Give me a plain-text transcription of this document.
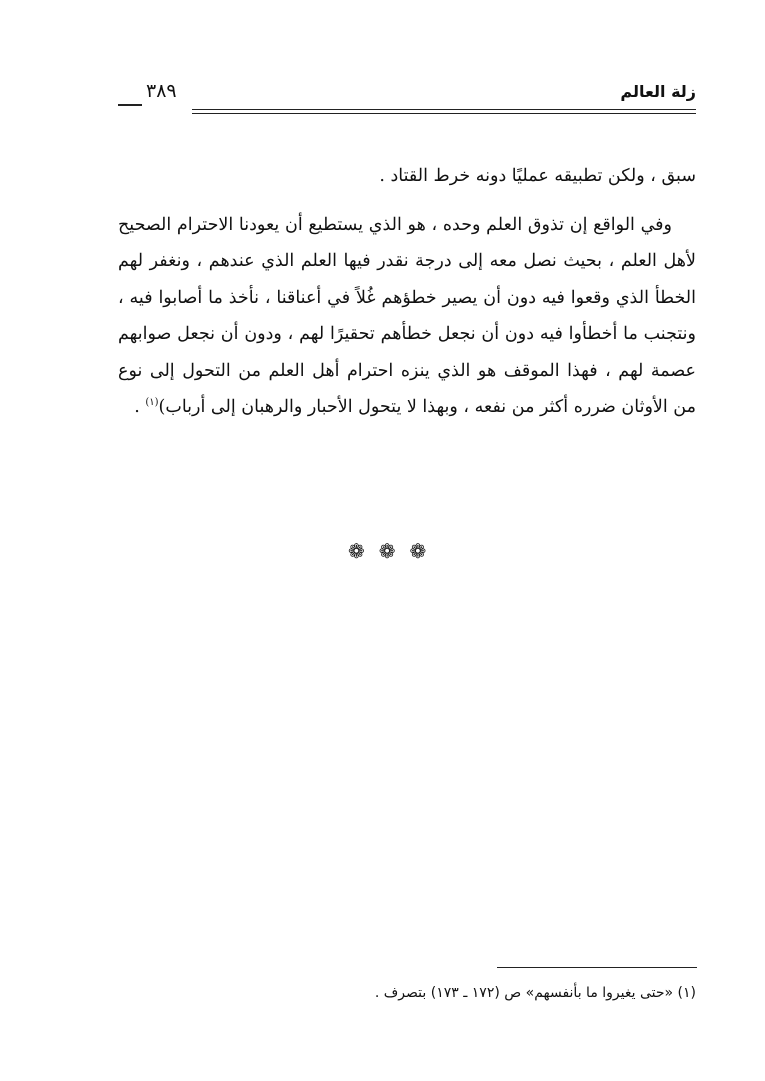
زلة العالم
٣٨٩

سبق ، ولكن تطبيقه عمليًا دونه خرط القتاد .

وفي الواقع إن تذوق العلم وحده ، هو الذي يستطيع أن يعودنا الاحترام الصحيح لأهل العلم ، بحيث نصل معه إلى درجة نقدر فيها العلم الذي عندهم ، ونغفر لهم الخطأ الذي وقعوا فيه دون أن يصير خطؤهم غُلاً في أعناقنا ، نأخذ ما أصابوا فيه ، ونتجنب ما أخطأوا فيه دون أن نجعل خطأهم تحقيرًا لهم ، ودون أن نجعل صوابهم عصمة لهم ، فهذا الموقف هو الذي ينزه احترام أهل العلم من التحول إلى نوع من الأوثان ضرره أكثر من نفعه ، وبهذا لا يتحول الأحبار والرهبان إلى أرباب)$^{(١)}$ .

❁ ❁ ❁
(١) «حتى يغيروا ما بأنفسهم» ص (١٧٢ ـ ١٧٣) بتصرف .
